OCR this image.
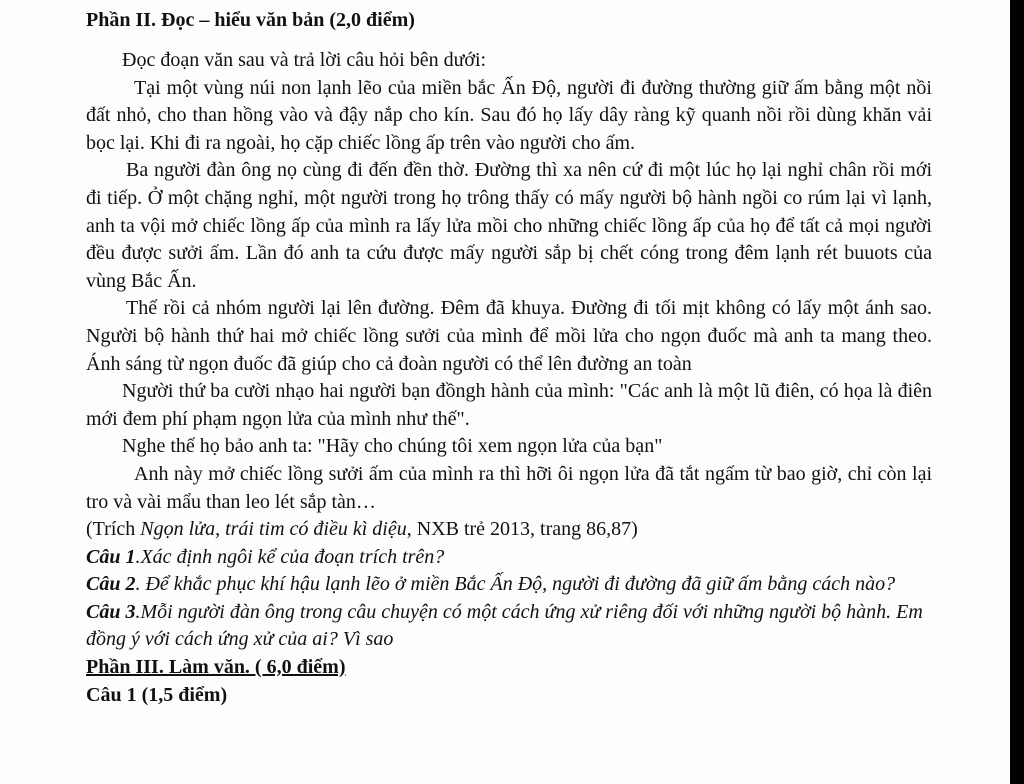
Phần II. Đọc – hiểu văn bản (2,0 điểm)

Đọc đoạn văn sau và trả lời câu hỏi bên dưới:

Tại một vùng núi non lạnh lẽo của miền bắc Ấn Độ, người đi đường thường giữ ấm bằng một nồi đất nhỏ, cho than hồng vào và đậy nắp cho kín. Sau đó họ lấy dây ràng kỹ quanh nồi rồi dùng khăn vải bọc lại. Khi đi ra ngoài, họ cặp chiếc lồng ấp trên vào người cho ấm.

Ba người đàn ông nọ cùng đi đến đền thờ. Đường thì xa nên cứ đi một lúc họ lại nghỉ chân rồi mới đi tiếp. Ở một chặng nghỉ, một người trong họ trông thấy có mấy người bộ hành ngồi co rúm lại vì lạnh, anh ta vội mở chiếc lồng ấp của mình ra lấy lửa mồi cho những chiếc lồng ấp của họ để tất cả mọi người đều được sưởi ấm. Lần đó anh ta cứu được mấy người sắp bị chết cóng trong đêm lạnh rét buuots của vùng Bắc Ấn.

Thế rồi cả nhóm người lại lên đường. Đêm đã khuya. Đường đi tối mịt không có lấy một ánh sao. Người bộ hành thứ hai mở chiếc lồng sưởi của mình để mồi lửa cho ngọn đuốc mà anh ta mang theo. Ánh sáng từ ngọn đuốc đã giúp cho cả đoàn người có thể lên đường an toàn

Người thứ ba cười nhạo hai người bạn đồngh hành của mình: "Các anh là một lũ điên, có họa là điên mới đem phí phạm ngọn lửa của mình như thế".

Nghe thế họ bảo anh ta: "Hãy cho chúng tôi xem ngọn lửa của bạn"

Anh này mở chiếc lồng sưởi ấm của mình ra thì hỡi ôi ngọn lửa đã tắt ngấm từ bao giờ, chỉ còn lại tro và vài mẩu than leo lét sắp tàn…

(Trích Ngọn lửa, trái tim có điều kì diệu, NXB trẻ 2013, trang 86,87)

Câu 1.Xác định ngôi kể của đoạn trích trên?

Câu 2. Để khắc phục khí hậu lạnh lẽo ở miền Bắc Ấn Độ, người đi đường đã giữ ấm bằng cách nào?

Câu 3.Mỗi người đàn ông trong câu chuyện có một cách ứng xử riêng đối với những người bộ hành. Em đồng ý với cách ứng xử của ai? Vì sao

Phần III. Làm văn. ( 6,0 điểm)

Câu 1 (1,5 điểm)
